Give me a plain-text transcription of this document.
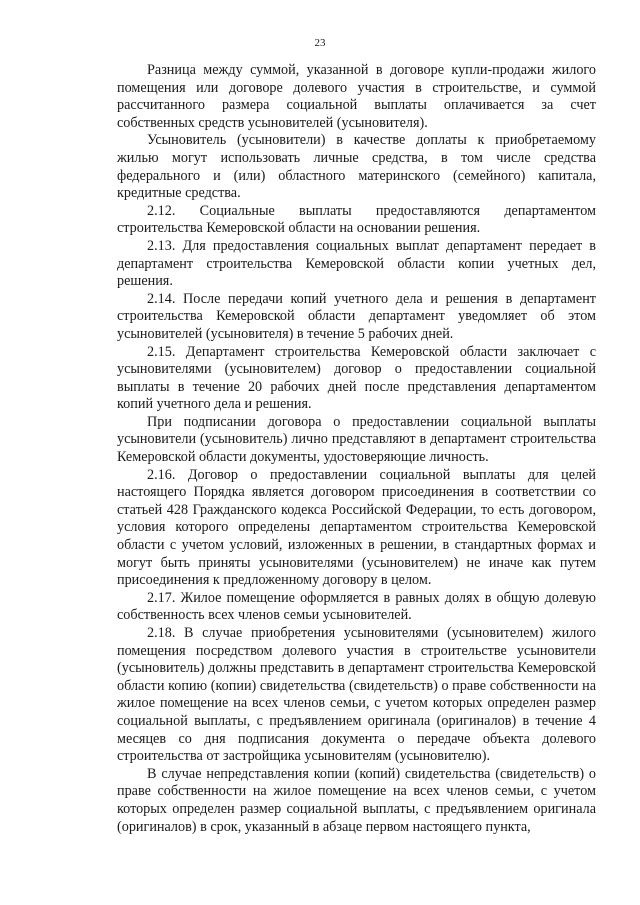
23

Разница между суммой, указанной в договоре купли-продажи жилого помещения или договоре долевого участия в строительстве, и суммой рассчитанного размера социальной выплаты оплачивается за счет собственных средств усыновителей (усыновителя).

Усыновитель (усыновители) в качестве доплаты к приобретаемому жилью могут использовать личные средства, в том числе средства федерального и (или) областного материнского (семейного) капитала, кредитные средства.

2.12. Социальные выплаты предоставляются департаментом строительства Кемеровской области на основании решения.

2.13. Для предоставления социальных выплат департамент передает в департамент строительства Кемеровской области копии учетных дел, решения.

2.14. После передачи копий учетного дела и решения в департамент строительства Кемеровской области департамент уведомляет об этом усыновителей (усыновителя) в течение 5 рабочих дней.

2.15. Департамент строительства Кемеровской области заключает с усыновителями (усыновителем) договор о предоставлении социальной выплаты в течение 20 рабочих дней после представления департаментом копий учетного дела и решения.

При подписании договора о предоставлении социальной выплаты усыновители (усыновитель) лично представляют в департамент строительства Кемеровской области документы, удостоверяющие личность.

2.16. Договор о предоставлении социальной выплаты для целей настоящего Порядка является договором присоединения в соответствии со статьей 428 Гражданского кодекса Российской Федерации, то есть договором, условия которого определены департаментом строительства Кемеровской области с учетом условий, изложенных в решении, в стандартных формах и могут быть приняты усыновителями (усыновителем) не иначе как путем присоединения к предложенному договору в целом.

2.17. Жилое помещение оформляется в равных долях в общую долевую собственность всех членов семьи усыновителей.

2.18. В случае приобретения усыновителями (усыновителем) жилого помещения посредством долевого участия в строительстве усыновители (усыновитель) должны представить в департамент строительства Кемеровской области копию (копии) свидетельства (свидетельств) о праве собственности на жилое помещение на всех членов семьи, с учетом которых определен размер социальной выплаты, с предъявлением оригинала (оригиналов) в течение 4 месяцев со дня подписания документа о передаче объекта долевого строительства от застройщика усыновителям (усыновителю).

В случае непредставления копии (копий) свидетельства (свидетельств) о праве собственности на жилое помещение на всех членов семьи, с учетом которых определен размер социальной выплаты, с предъявлением оригинала (оригиналов) в срок, указанный в абзаце первом настоящего пункта,
